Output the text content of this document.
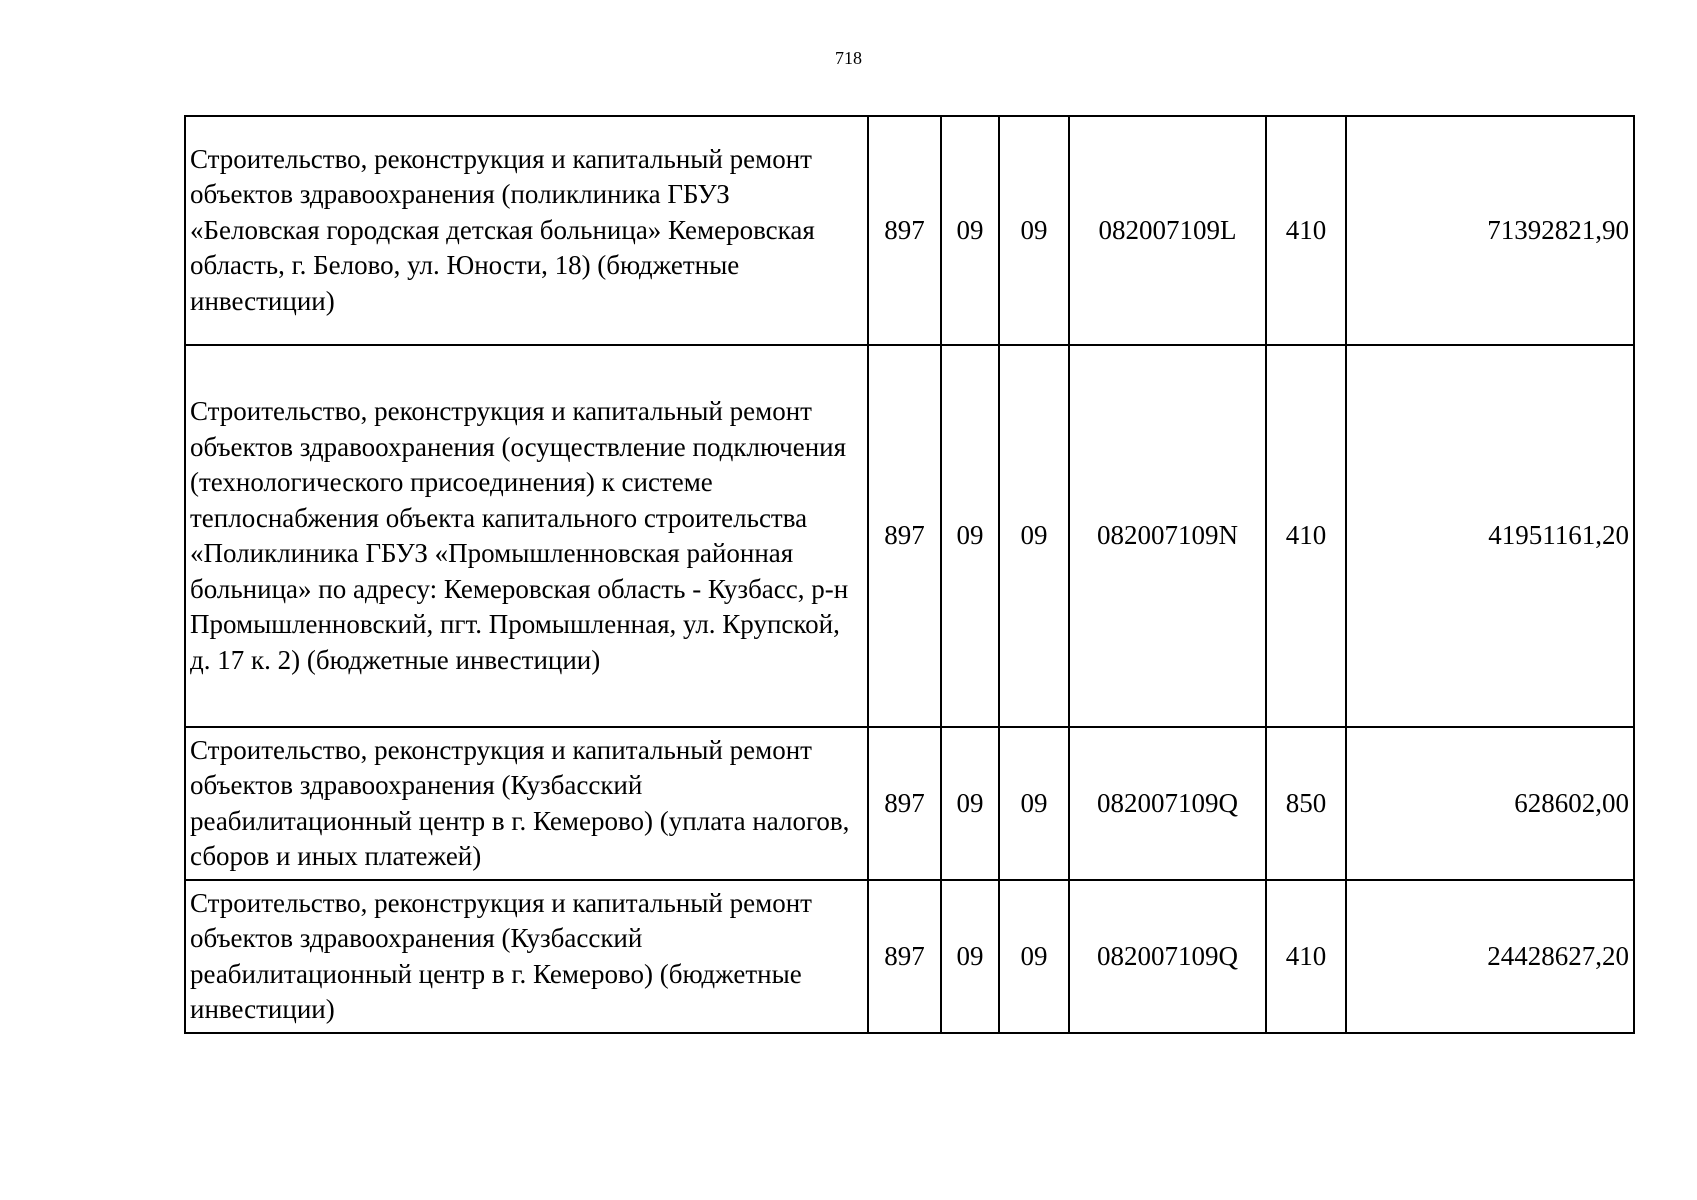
718
Строительство, реконструкция и капитальный ремонт объектов здравоохранения (поликлиника ГБУЗ «Беловская городская детская больница» Кемеровская область, г. Белово, ул. Юности, 18) (бюджетные инвестиции)	897	09	09	082007109L	410	71392821,90
Строительство, реконструкция и капитальный ремонт объектов здравоохранения (осуществление подключения (технологического присоединения) к системе теплоснабжения объекта капитального строительства «Поликлиника ГБУЗ «Промышленновская районная больница» по адресу: Кемеровская область - Кузбасс, р-н Промышленновский, пгт. Промышленная, ул. Крупской, д. 17 к. 2) (бюджетные инвестиции)	897	09	09	082007109N	410	41951161,20
Строительство, реконструкция и капитальный ремонт объектов здравоохранения (Кузбасский реабилитационный центр в г. Кемерово) (уплата налогов, сборов и иных платежей)	897	09	09	082007109Q	850	628602,00
Строительство, реконструкция и капитальный ремонт объектов здравоохранения (Кузбасский реабилитационный центр в г. Кемерово) (бюджетные инвестиции)	897	09	09	082007109Q	410	24428627,20
